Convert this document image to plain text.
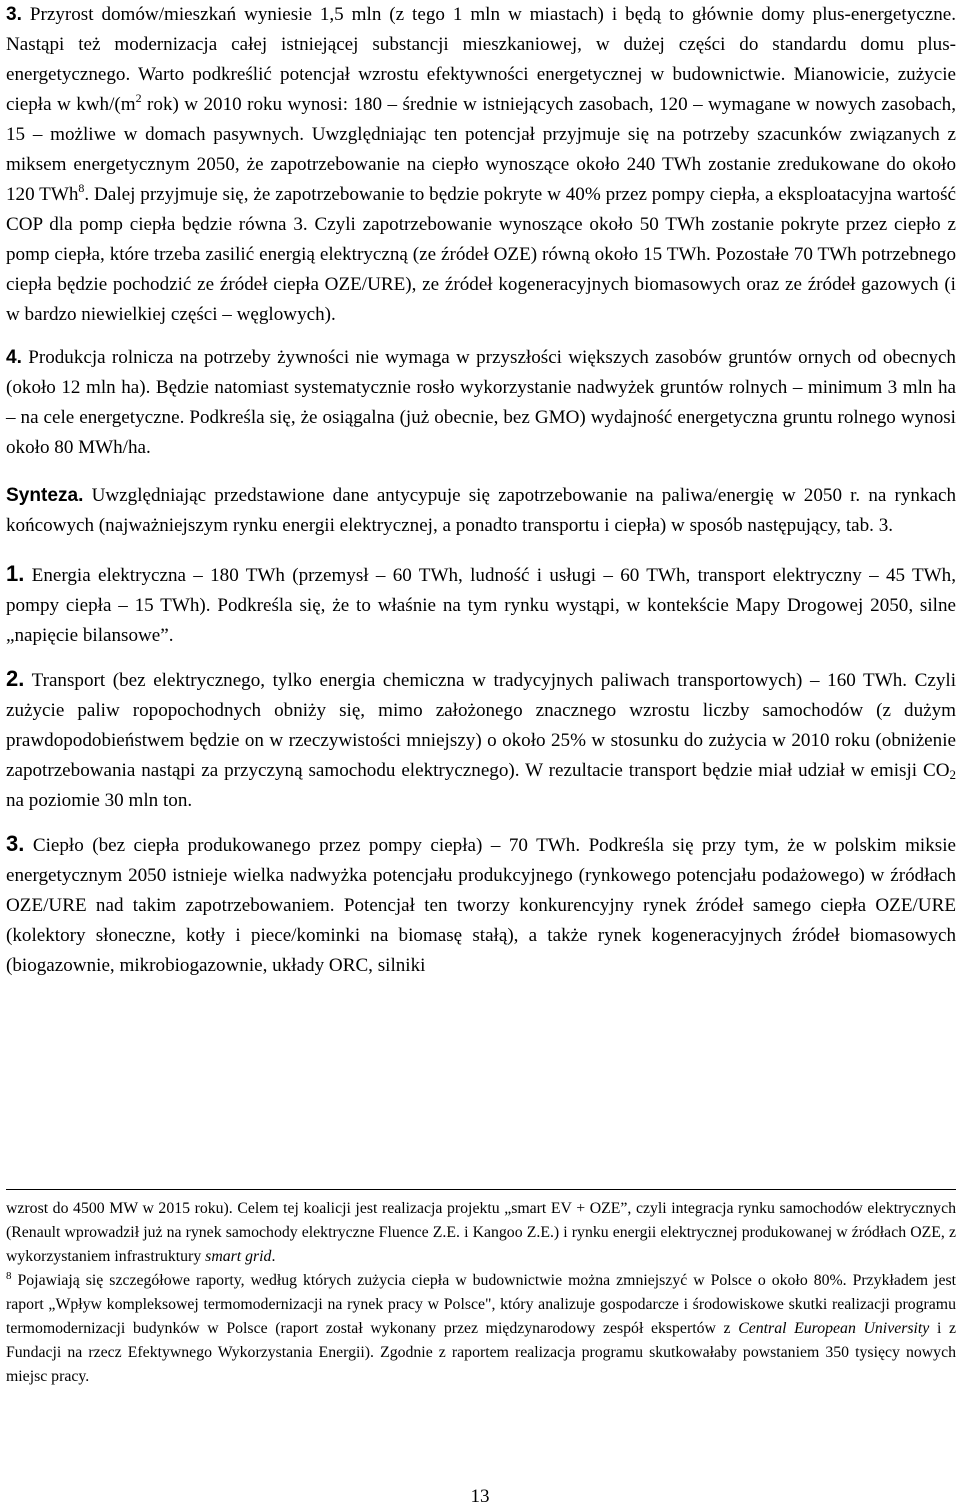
3. Przyrost domów/mieszkań wyniesie 1,5 mln (z tego 1 mln w miastach) i będą to głównie domy plus-energetyczne. Nastąpi też modernizacja całej istniejącej substancji mieszkaniowej, w dużej części do standardu domu plus-energetycznego. Warto podkreślić potencjał wzrostu efektywności energetycznej w budownictwie. Mianowicie, zużycie ciepła w kwh/($m^2$ rok) w 2010 roku wynosi: 180 – średnie w istniejących zasobach, 120 – wymagane w nowych zasobach, 15 – możliwe w domach pasywnych. Uwzględniając ten potencjał przyjmuje się na potrzeby szacunków związanych z miksem energetycznym 2050, że zapotrzebowanie na ciepło wynoszące około 240 TWh zostanie zredukowane do około 120 TWh$^8$. Dalej przyjmuje się, że zapotrzebowanie to będzie pokryte w 40% przez pompy ciepła, a eksploatacyjna wartość COP dla pomp ciepła będzie równa 3. Czyli zapotrzebowanie wynoszące około 50 TWh zostanie pokryte przez ciepło z pomp ciepła, które trzeba zasilić energią elektryczną (ze źródeł OZE) równą około 15 TWh. Pozostałe 70 TWh potrzebnego ciepła będzie pochodzić ze źródeł ciepła OZE/URE), ze źródeł kogeneracyjnych biomasowych oraz ze źródeł gazowych (i w bardzo niewielkiej części – węglowych).

4. Produkcja rolnicza na potrzeby żywności nie wymaga w przyszłości większych zasobów gruntów ornych od obecnych (około 12 mln ha). Będzie natomiast systematycznie rosło wykorzystanie nadwyżek gruntów rolnych – minimum 3 mln ha – na cele energetyczne. Podkreśla się, że osiągalna (już obecnie, bez GMO) wydajność energetyczna gruntu rolnego wynosi około 80 MWh/ha.

Synteza. Uwzględniając przedstawione dane antycypuje się zapotrzebowanie na paliwa/energię w 2050 r. na rynkach końcowych (najważniejszym rynku energii elektrycznej, a ponadto transportu i ciepła) w sposób następujący, tab. 3.

1. Energia elektryczna – 180 TWh (przemysł – 60 TWh, ludność i usługi – 60 TWh, transport elektryczny – 45 TWh, pompy ciepła – 15 TWh). Podkreśla się, że to właśnie na tym rynku wystąpi, w kontekście Mapy Drogowej 2050, silne „napięcie bilansowe”.

2. Transport (bez elektrycznego, tylko energia chemiczna w tradycyjnych paliwach transportowych) – 160 TWh. Czyli zużycie paliw ropopochodnych obniży się, mimo założonego znacznego wzrostu liczby samochodów (z dużym prawdopodobieństwem będzie on w rzeczywistości mniejszy) o około 25% w stosunku do zużycia w 2010 roku (obniżenie zapotrzebowania nastąpi za przyczyną samochodu elektrycznego). W rezultacie transport będzie miał udział w emisji $CO_2$ na poziomie 30 mln ton.

3. Ciepło (bez ciepła produkowanego przez pompy ciepła) – 70 TWh. Podkreśla się przy tym, że w polskim miksie energetycznym 2050 istnieje wielka nadwyżka potencjału produkcyjnego (rynkowego potencjału podażowego) w źródłach OZE/URE nad takim zapotrzebowaniem. Potencjał ten tworzy konkurencyjny rynek źródeł samego ciepła OZE/URE (kolektory słoneczne, kotły i piece/kominki na biomasę stałą), a także rynek kogeneracyjnych źródeł biomasowych (biogazownie, mikrobiogazownie, układy ORC, silniki

wzrost do 4500 MW w 2015 roku). Celem tej koalicji jest realizacja projektu „smart EV + OZE”, czyli integracja rynku samochodów elektrycznych (Renault wprowadził już na rynek samochody elektryczne Fluence Z.E. i Kangoo Z.E.) i rynku energii elektrycznej produkowanej w źródłach OZE, z wykorzystaniem infrastruktury smart grid.

$^8$ Pojawiają się szczegółowe raporty, według których zużycia ciepła w budownictwie można zmniejszyć w Polsce o około 80%. Przykładem jest raport „Wpływ kompleksowej termomodernizacji na rynek pracy w Polsce", który analizuje gospodarcze i środowiskowe skutki realizacji programu termomodernizacji budynków w Polsce (raport został wykonany przez międzynarodowy zespół ekspertów z Central European University i z Fundacji na rzecz Efektywnego Wykorzystania Energii). Zgodnie z raportem realizacja programu skutkowałaby powstaniem 350 tysięcy nowych miejsc pracy.

13
